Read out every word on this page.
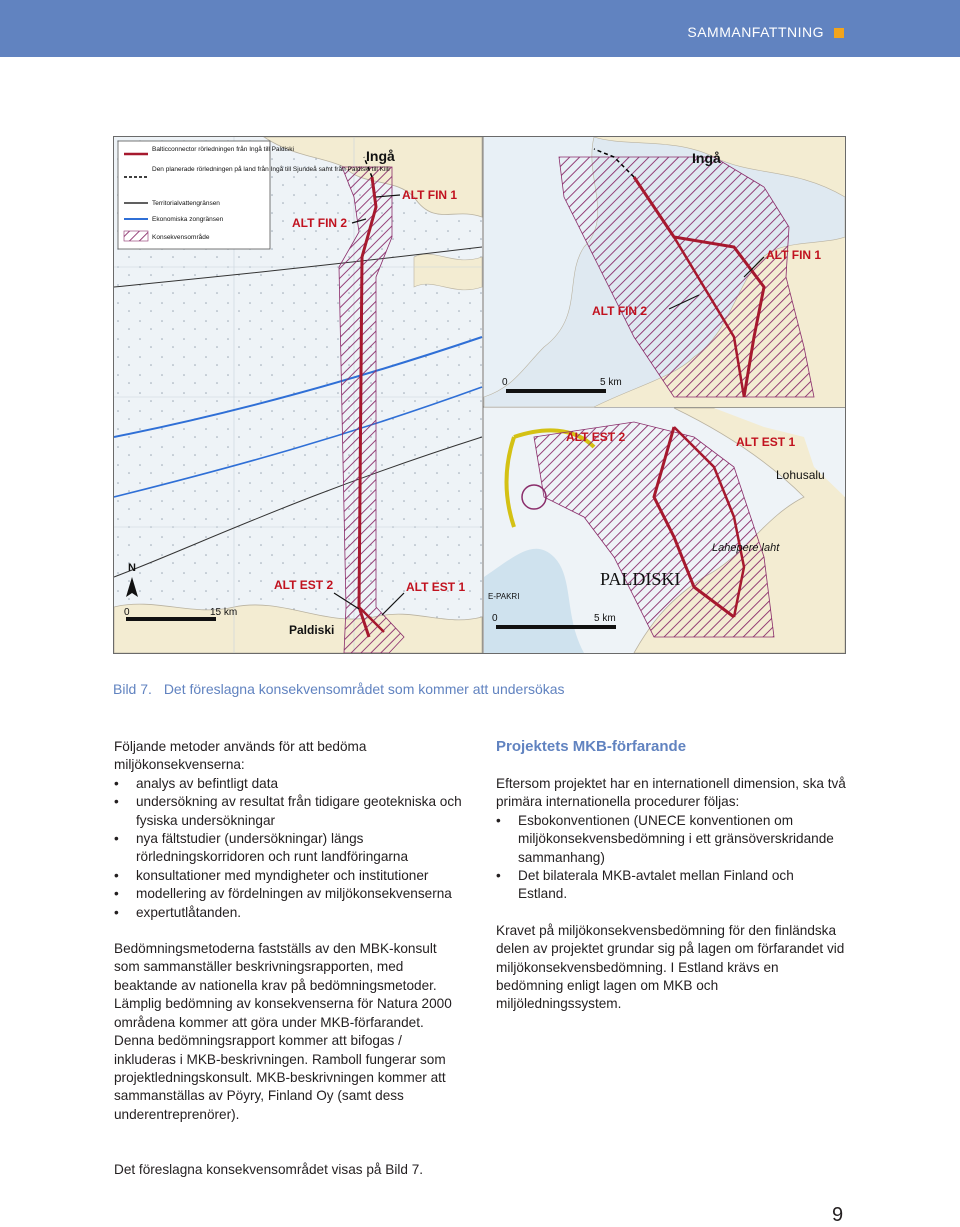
SAMMANFATTNING
Ingå
ALT FIN 1
ALT FIN 2
ALT EST 2	ALT EST 1
Paldiski
N
0	15 km
Balticconnector rörledningen från Ingå till Paldiski
Den planerade rörledningen på land från Ingå till Sjundeå samt från Paldiski till Kiili
Territorialvattengränsen
Ekonomiska zongränsen
Konsekvensområde
Ingå
ALT FIN 1
ALT FIN 2
0	5 km
ALT EST 2	ALT EST 1
Lohusalu
Lahepere laht
PALDISKI
E-PAKRI
0	5 km
Bild 7. Det föreslagna konsekvensområdet som kommer att undersökas

Följande metoder används för att bedöma miljökonsekvenserna:

• analys av befintligt data
• undersökning av resultat från tidigare geotekniska och fysiska undersökningar
• nya fältstudier (undersökningar) längs rörledningskorridoren och runt landföringarna
• konsultationer med myndigheter och institutioner
• modellering av fördelningen av miljökonsekvenserna
• expertutlåtanden.

Bedömningsmetoderna fastställs av den MBK-konsult som sammanställer beskrivningsrapporten, med beaktande av nationella krav på bedömningsmetoder. Lämplig bedömning av konsekvenserna för Natura 2000 områdena kommer att göra under MKB-förfarandet. Denna bedömningsrapport kommer att bifogas / inkluderas i MKB-beskrivningen. Ramboll fungerar som projektledningskonsult. MKB-beskrivningen kommer att sammanställas av Pöyry, Finland Oy (samt dess underentreprenörer).

Projektets MKB-förfarande

Eftersom projektet har en internationell dimension, ska två primära internationella procedurer följas:

• Esbokonventionen (UNECE konventionen om miljökonsekvensbedömning i ett gränsöverskridande sammanhang)
• Det bilaterala MKB-avtalet mellan Finland och Estland.

Kravet på miljökonsekvensbedömning för den finländska delen av projektet grundar sig på lagen om förfarandet vid miljökonsekvensbedömning. I Estland krävs en bedömning enligt lagen om MKB och miljöledningssystem.

Det föreslagna konsekvensområdet visas på Bild 7.
9
